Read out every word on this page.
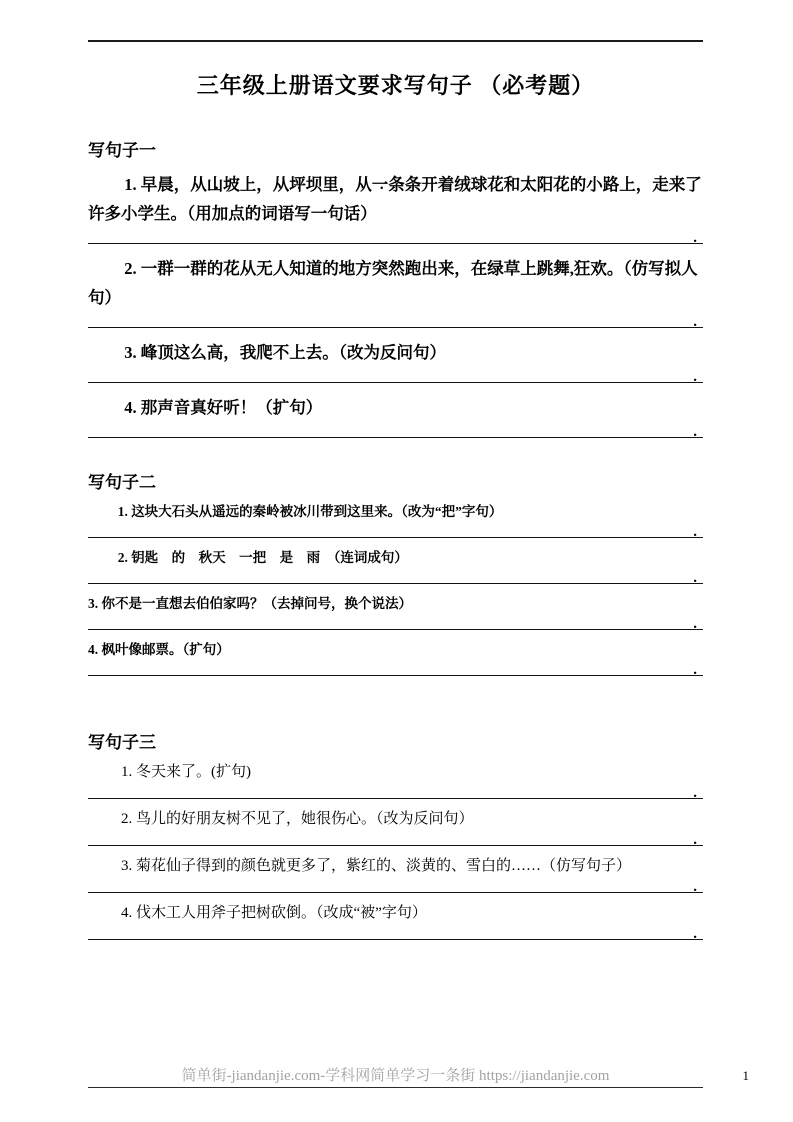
三年级上册语文要求写句子 （必考题）
写句子一

1. 早晨，从 •山坡上，从 •坪坝里，从 •一条条开着绒球花和太阳花的小路上，走来了许多小学生。（用加点的词语写一句话）

.

2. 一群一群的花从无人知道的地方突然跑出来，在绿草上跳舞,狂欢。（仿写拟人句）

.

3. 峰顶这么高，我爬不上去。（改为反问句）

.

4. 那声音真好听！（扩句）

.
写句子二

1. 这块大石头从遥远的秦岭被冰川带到这里来。（改为“把”字句）

.

2. 钥匙　的　秋天　一把　是　雨　（连词成句）

.

3. 你不是一直想去伯伯家吗？（去掉问号，换个说法）

.

4. 枫叶像邮票。（扩句）

.
写句子三

1. 冬天来了。(扩句)

.

2. 鸟儿的好朋友树不见了，她很伤心。（改为反问句）

.

3. 菊花仙子得到的颜色就更多了，紫红的、淡黄的、雪白的……（仿写句子）

.

4. 伐木工人用斧子把树砍倒。（改成“被”字句）

.
简单街-jiandanjie.com-学科网简单学习一条街 https://jiandanjie.com	1
